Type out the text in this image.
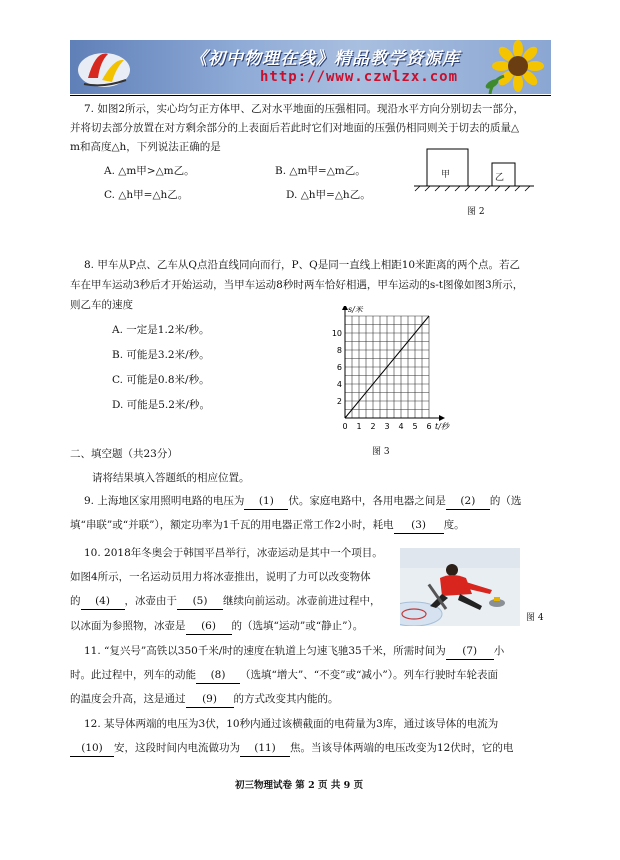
《初中物理在线》精品教学资源库
http://www.czwlzx.com
7. 如图2所示，实心均匀正方体甲、乙对水平地面的压强相同。现沿水平方向分别切去一部分，
并将切去部分放置在对方剩余部分的上表面后若此时它们对地面的压强仍相同则关于切去的质量△
m和高度△h，下列说法正确的是
A. △m甲>△m乙。	B. △m甲=△m乙。
C. △h甲=△h乙。	D. △h甲=△h乙。
甲	乙
图 2
8. 甲车从P点、乙车从Q点沿直线同向而行，P、Q是同一直线上相距10米距离的两个点。若乙
车在甲车运动3秒后才开始运动，当甲车运动8秒时两车恰好相遇，甲车运动的s-t图像如图3所示，
则乙车的速度
A. 一定是1.2米/秒。
B. 可能是3.2米/秒。
C. 可能是0.8米/秒。
D. 可能是5.2米/秒。
0 1 2 3 4 5 6
2
4
6
8
10
t/秒
s/米
图 3
二、填空题（共23分）
请将结果填入答题纸的相应位置。
9. 上海地区家用照明电路的电压为 (1) 伏。家庭电路中，各用电器之间是 (2) 的（选
填“串联”或“并联”），额定功率为1千瓦的用电器正常工作2小时，耗电 (3) 度。
10. 2018年冬奥会于韩国平昌举行，冰壶运动是其中一个项目。
如图4所示，一名运动员用力将冰壶推出，说明了力可以改变物体
的 (4) ，冰壶由于 (5) 继续向前运动。冰壶前进过程中，
以冰面为参照物，冰壶是 (6) 的（选填“运动”或“静止”）。
图 4
11. “复兴号”高铁以350千米/时的速度在轨道上匀速飞驰35千米，所需时间为 (7) 小
时。此过程中，列车的动能 (8) （选填“增大”、“不变”或“减小”）。列车行驶时车轮表面
的温度会升高，这是通过 (9) 的方式改变其内能的。
12. 某导体两端的电压为3伏，10秒内通过该横截面的电荷量为3库，通过该导体的电流为
(10) 安，这段时间内电流做功为 (11) 焦。当该导体两端的电压改变为12伏时，它的电
初三物理试卷 第 2 页 共 9 页
